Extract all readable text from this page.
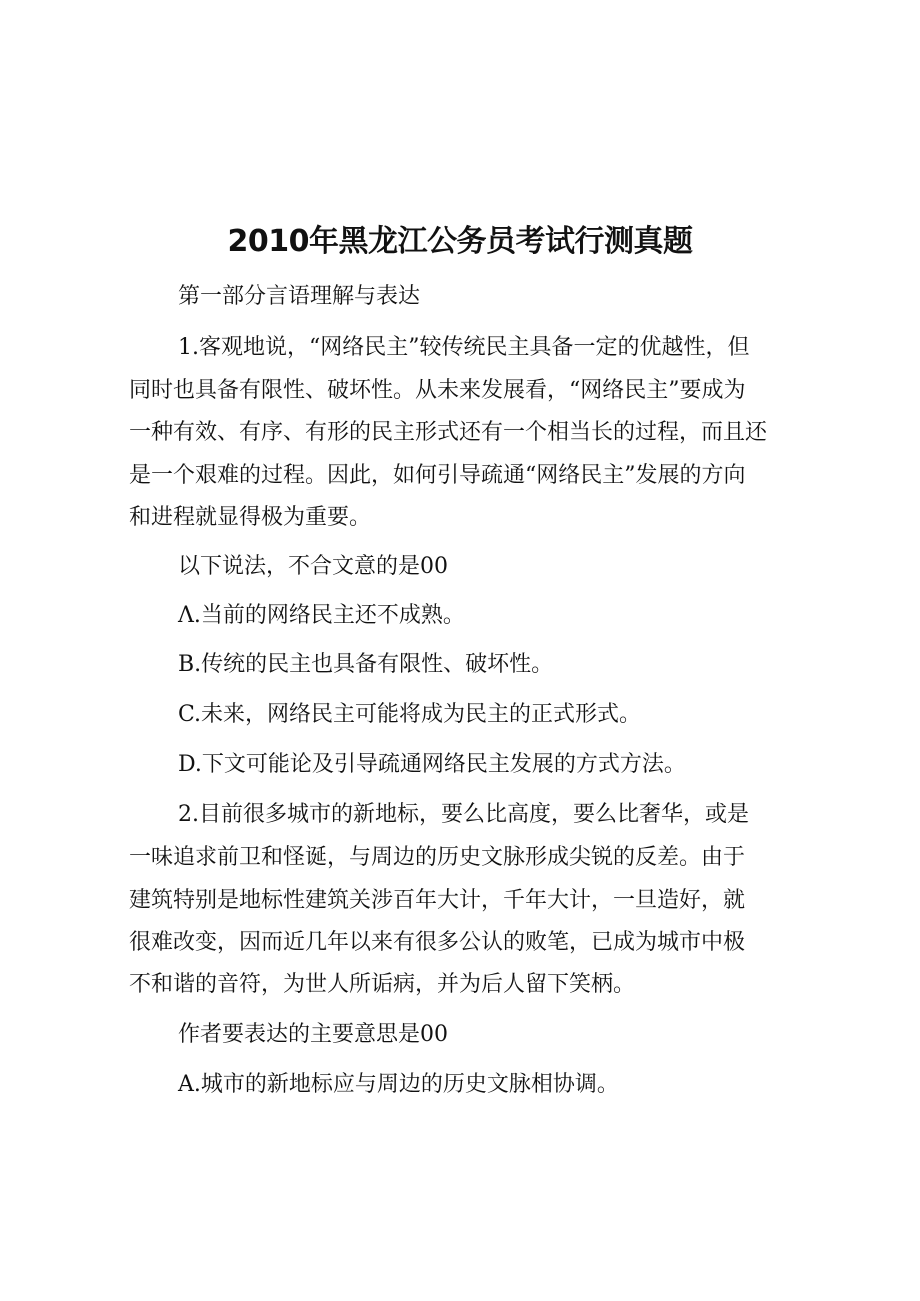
2010年黑龙江公务员考试行测真题
第一部分言语理解与表达
1.客观地说，“网络民主”较传统民主具备一定的优越性，但
同时也具备有限性、破坏性。从未来发展看，“网络民主”要成为
一种有效、有序、有形的民主形式还有一个相当长的过程，而且还
是一个艰难的过程。因此，如何引导疏通“网络民主”发展的方向
和进程就显得极为重要。
以下说法，不合文意的是00
Λ.当前的网络民主还不成熟。
B.传统的民主也具备有限性、破坏性。
C.未来，网络民主可能将成为民主的正式形式。
D.下文可能论及引导疏通网络民主发展的方式方法。
2.目前很多城市的新地标，要么比高度，要么比奢华，或是
一味追求前卫和怪诞，与周边的历史文脉形成尖锐的反差。由于
建筑特别是地标性建筑关涉百年大计，千年大计，一旦造好，就
很难改变，因而近几年以来有很多公认的败笔，已成为城市中极
不和谐的音符，为世人所诟病，并为后人留下笑柄。
作者要表达的主要意思是00
A.城市的新地标应与周边的历史文脉相协调。
